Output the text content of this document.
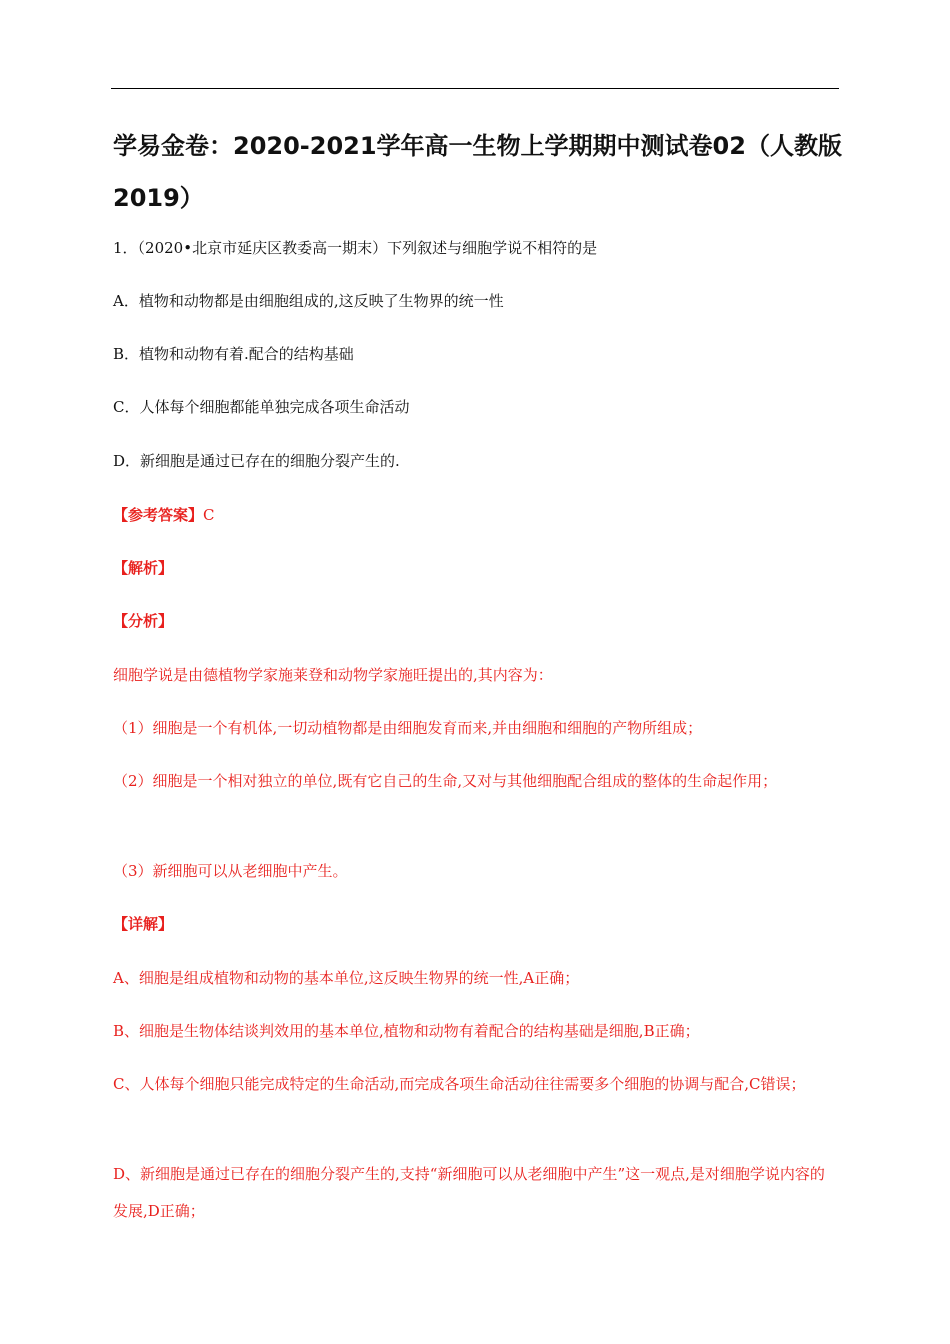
学易金卷：2020-2021学年高一生物上学期期中测试卷02（人教版2019）

1．（2020•北京市延庆区教委高一期末）下列叙述与细胞学说不相符的是

A．植物和动物都是由细胞组成的,这反映了生物界的统一性

B．植物和动物有着.配合的结构基础

C．人体每个细胞都能单独完成各项生命活动

D．新细胞是通过已存在的细胞分裂产生的.

【参考答案】C

【解析】

【分析】

细胞学说是由德植物学家施莱登和动物学家施旺提出的,其内容为：

（1）细胞是一个有机体,一切动植物都是由细胞发育而来,并由细胞和细胞的产物所组成；

（2）细胞是一个相对独立的单位,既有它自己的生命,又对与其他细胞配合组成的整体的生命起作用；

（3）新细胞可以从老细胞中产生。

【详解】

A、细胞是组成植物和动物的基本单位,这反映生物界的统一性,A正确；

B、细胞是生物体结谈判效用的基本单位,植物和动物有着配合的结构基础是细胞,B正确；

C、人体每个细胞只能完成特定的生命活动,而完成各项生命活动往往需要多个细胞的协调与配合,C错误；

D、新细胞是通过已存在的细胞分裂产生的,支持“新细胞可以从老细胞中产生”这一观点,是对细胞学说内容的发展,D正确；
